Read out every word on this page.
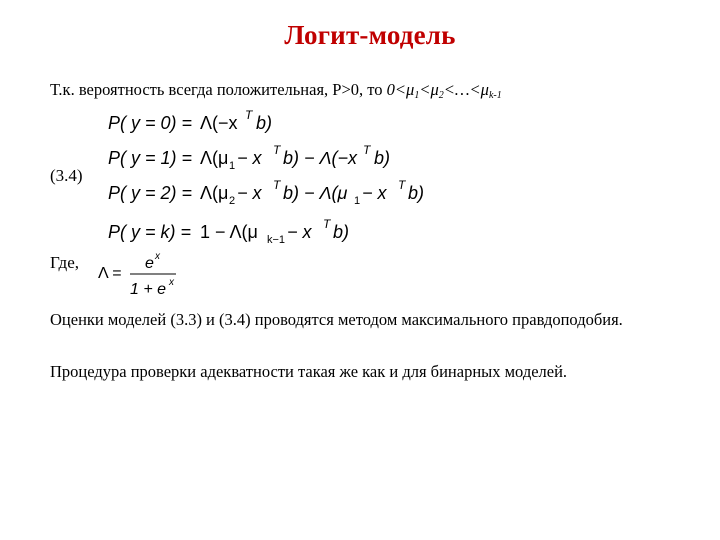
Логит-модель
Т.к. вероятность всегда положительная, P>0, то $0<\mu_1<\mu_2<\dots<\mu_{k-1}$
P( y = 0) = Λ(−x T b)
P( y = 1) = Λ(μ 1 − x T b) − Λ(−x T b)
P( y = 2) = Λ(μ 2 − x T b) − Λ(μ 1 − x T b)
P( y = k) = 1 − Λ(μ k−1 − x T b)
(3.4)
Где,
Λ =
e x
1 + e x
Оценки моделей (3.3) и (3.4) проводятся методом максимального правдоподобия.
Процедура проверки адекватности такая же как и для бинарных моделей.
